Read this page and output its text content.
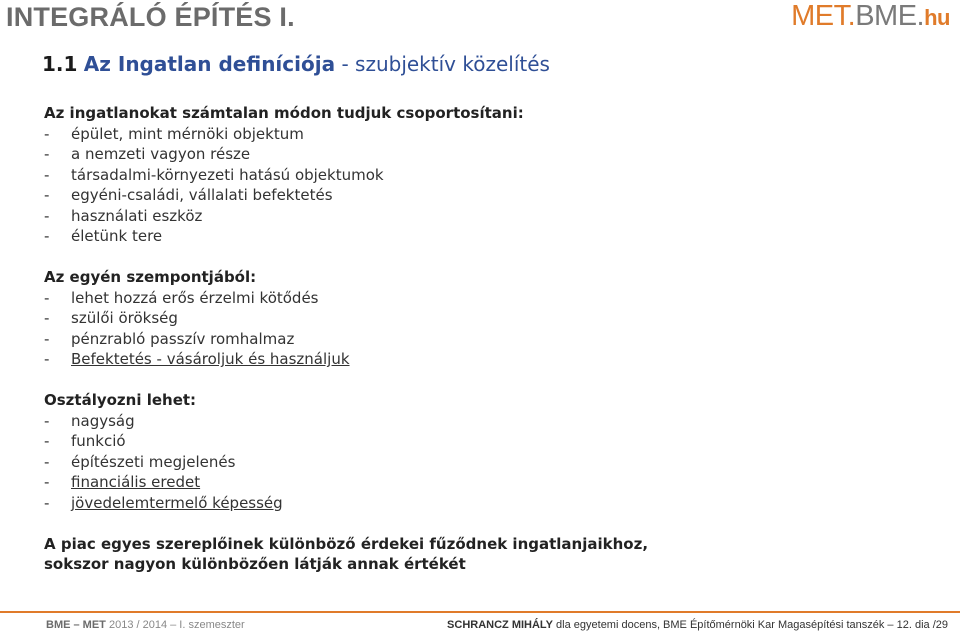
INTEGRÁLÓ ÉPÍTÉS I.	MET.BME.hu
1.1 Az Ingatlan definíciója - szubjektív közelítés
Az ingatlanokat számtalan módon tudjuk csoportosítani:
-	épület, mint mérnöki objektum
-	a nemzeti vagyon része
-	társadalmi-környezeti hatású objektumok
-	egyéni-családi, vállalati befektetés
-	használati eszköz
-	életünk tere
Az egyén szempontjából:
-	lehet hozzá erős érzelmi kötődés
-	szülői örökség
-	pénzrabló passzív romhalmaz
-	Befektetés - vásároljuk és használjuk
Osztályozni lehet:
-	nagyság
-	funkció
-	építészeti megjelenés
-	financiális eredet
-	jövedelemtermelő képesség
A piac egyes szereplőinek különböző érdekei fűződnek ingatlanjaikhoz,
sokszor nagyon különbözően látják annak értékét
BME – MET 2013 / 2014 – I. szemeszter	SCHRANCZ MIHÁLY dla egyetemi docens, BME Építőmérnöki Kar Magasépítési tanszék – 12. dia /29
